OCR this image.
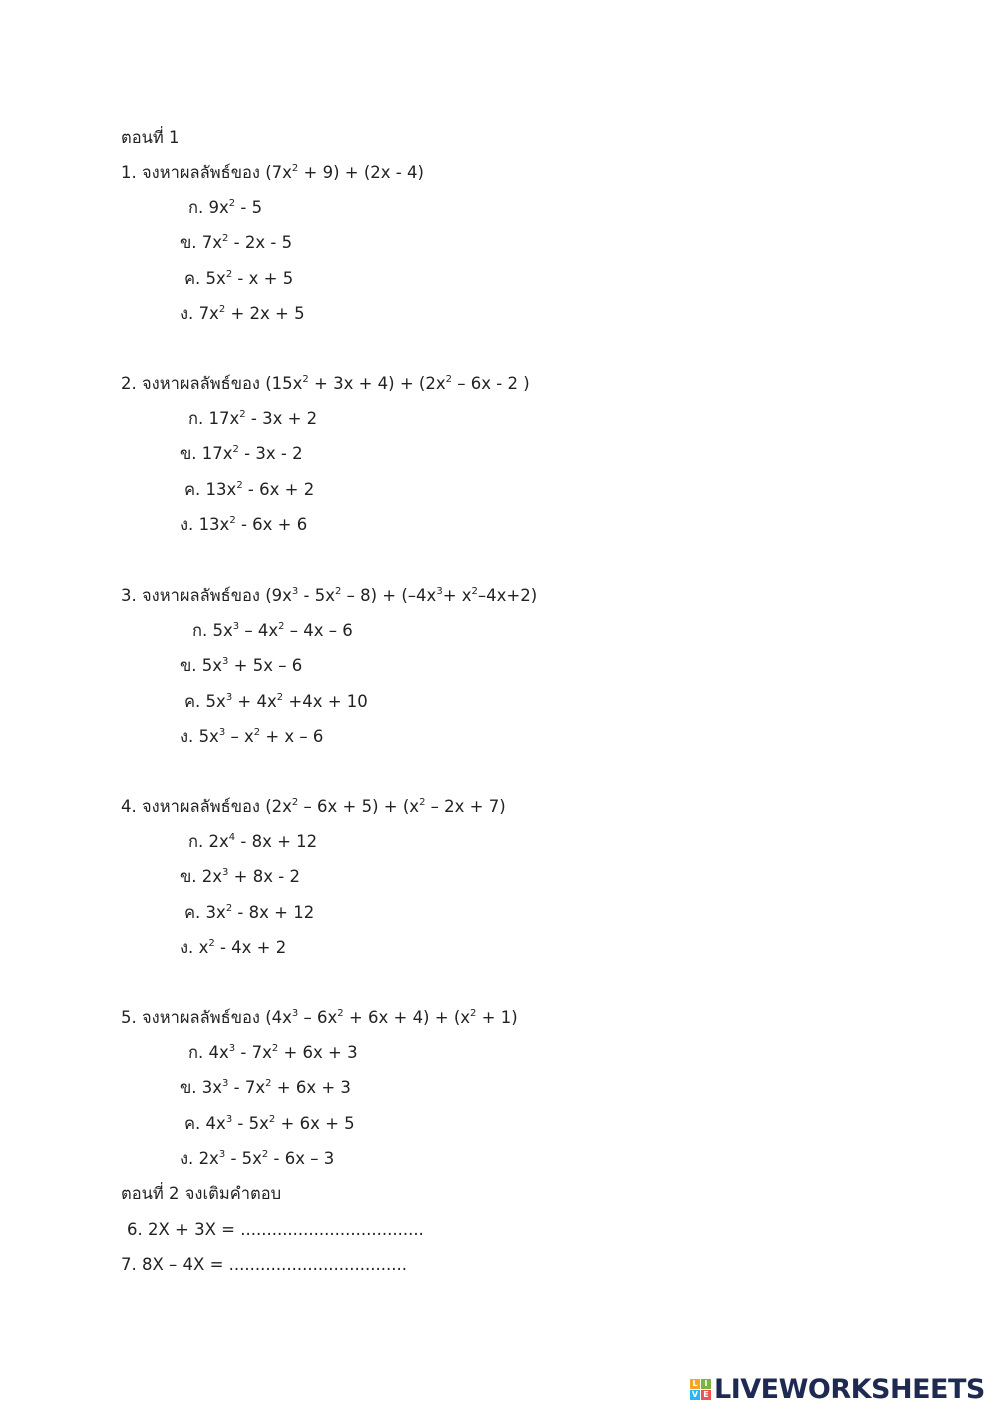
ตอนที่ 1
1. จงหาผลลัพธ์ของ $(7x^2 + 9) + (2x - 4)$
ก. $9x^2 - 5$
ข. $7x^2 - 2x - 5$
ค. $5x^2 - x + 5$
ง. $7x^2 + 2x + 5$
2. จงหาผลลัพธ์ของ $(15x^2 + 3x + 4) + (2x^2 - 6x - 2$ )
ก. $17x^2 - 3x + 2$
ข. $17x^2 - 3x - 2$
ค. $13x^2 - 6x + 2$
ง. $13x^2 - 6x + 6$
3. จงหาผลลัพธ์ของ $(9x^3 - 5x^2 - 8) + (-4x^3+ x^2-4x+2)$
ก. $5x^3 - 4x^2 - 4x - 6$
ข. $5x^3 + 5x - 6$
ค. $5x^3 + 4x^2 +4x + 10$
ง. $5x^3 - x^2 + x - 6$
4. จงหาผลลัพธ์ของ $(2x^2 - 6x + 5) + (x^2 - 2x + 7)$
ก. $2x^4 - 8x + 12$
ข. $2x^3 + 8x - 2$
ค. $3x^2 - 8x + 12$
ง. $x^2 - 4x + 2$
5. จงหาผลลัพธ์ของ $(4x^3 - 6x^2 + 6x + 4) + (x^2 + 1)$
ก. $4x^3 - 7x^2 + 6x + 3$
ข. $3x^3 - 7x^2 + 6x + 3$
ค. $4x^3 - 5x^2 + 6x + 5$
ง. $2x^3 - 5x^2 - 6x - 3$
ตอนที่ 2 จงเติมคำตอบ
6. 2X + 3X = ...................................
7. 8X – 4X = ..................................
L I
V E LIVEWORKSHEETS
